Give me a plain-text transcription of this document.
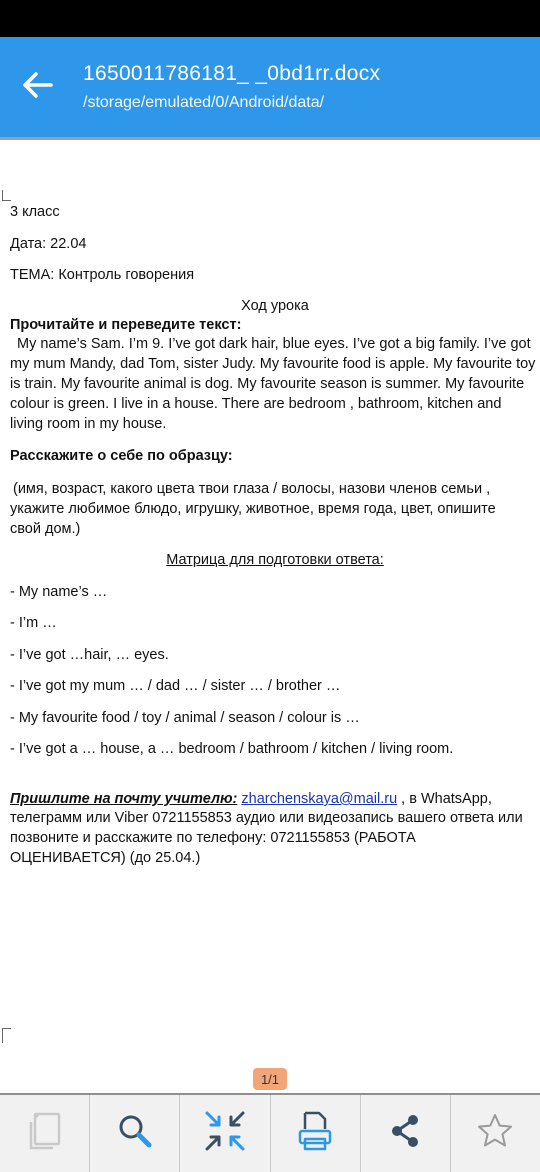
1650011786181_ _0bd1rr.docx
/storage/emulated/0/Android/data/
3 класс
Дата: 22.04
ТЕМА: Контроль говорения
Ход урока
Прочитайте и переведите текст:
My name’s Sam. I’m 9. I’ve got dark hair, blue eyes. I’ve got a big family. I’ve got my mum Mandy, dad Tom, sister Judy. My favourite food is apple. My favourite toy is train. My favourite animal is dog. My favourite season is summer. My favourite colour is green. I live in a house. There are bedroom , bathroom, kitchen and living room in my house.
Расскажите о себе по образцу:
(имя, возраст, какого цвета твои глаза / волосы, назови членов семьи , укажите любимое блюдо, игрушку, животное, время года, цвет, опишите свой дом.)
Матрица для подготовки ответа:
- My name’s …
- I’m …
- I’ve got …hair, … eyes.
- I’ve got my mum … / dad … / sister … / brother …
- My favourite food / toy / animal / season / colour is …
- I’ve got a … house, a … bedroom / bathroom / kitchen / living room.
Пришлите на почту учителю: zharchenskaya@mail.ru , в WhatsApp,
телеграмм или Viber 0721155853 аудио или видеозапись вашего ответа или позвоните и расскажите по телефону: 0721155853 (РАБОТА ОЦЕНИВАЕТСЯ) (до 25.04.)
1/1
